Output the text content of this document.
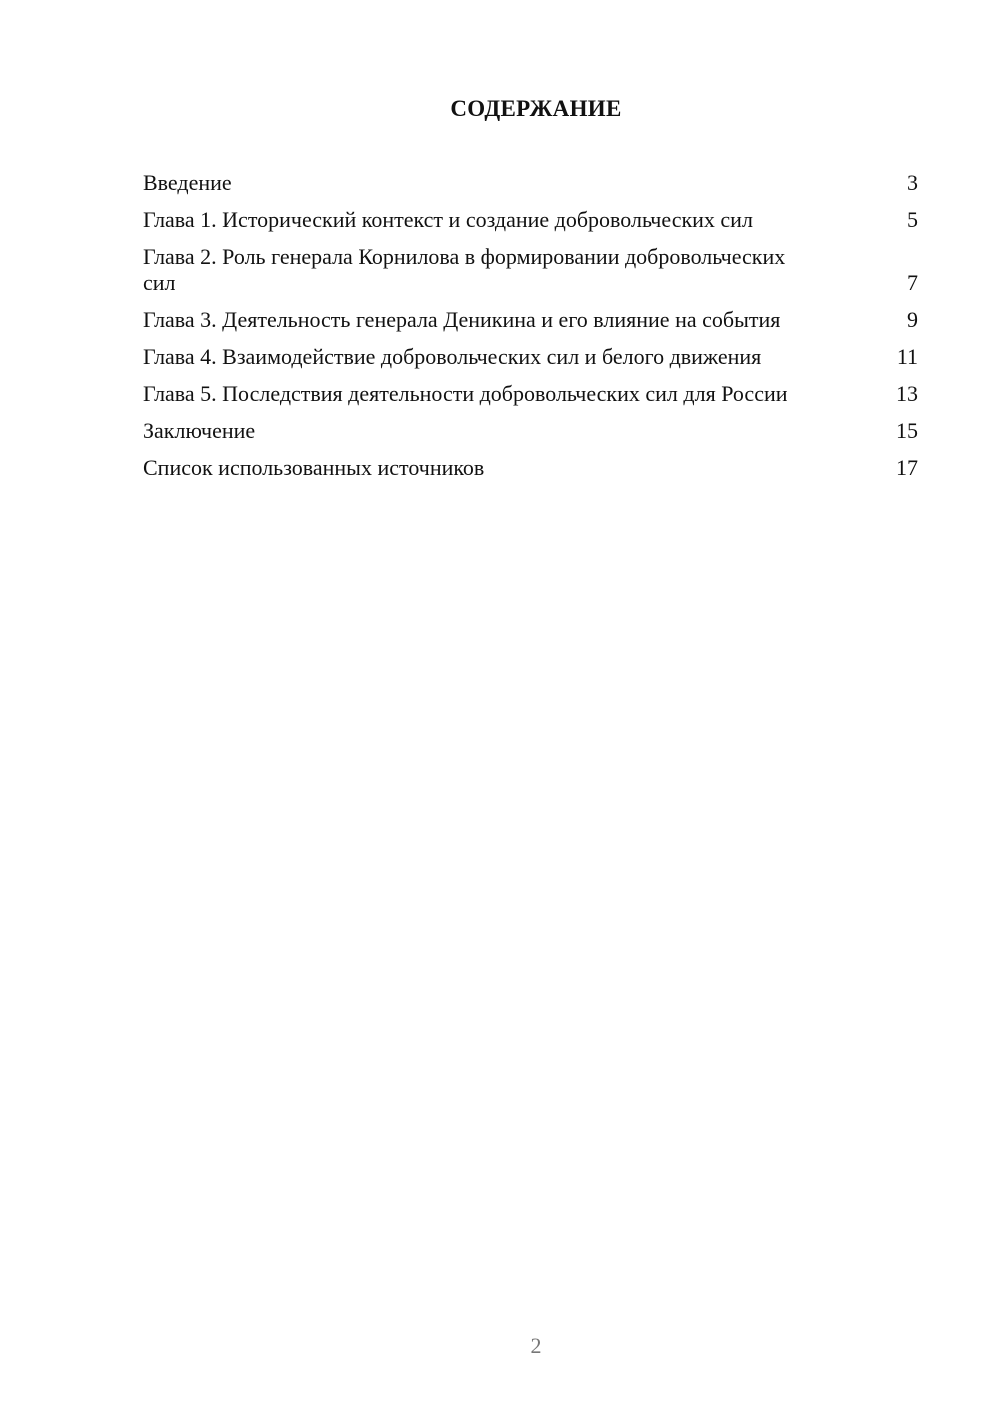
СОДЕРЖАНИЕ
Введение	3
Глава 1. Исторический контекст и создание добровольческих сил	5
Глава 2. Роль генерала Корнилова в формировании добровольческих сил	7
Глава 3. Деятельность генерала Деникина и его влияние на события	9
Глава 4. Взаимодействие добровольческих сил и белого движения	11
Глава 5. Последствия деятельности добровольческих сил для России	13
Заключение	15
Список использованных источников	17
2
